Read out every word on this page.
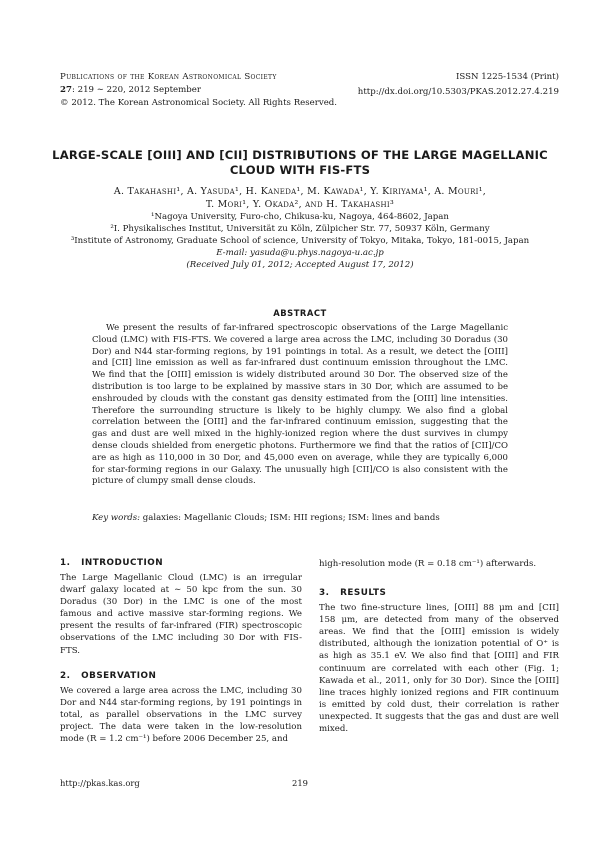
Publications of the Korean Astronomical Society
27: 219 ∼ 220, 2012 September
© 2012. The Korean Astronomical Society. All Rights Reserved.
ISSN 1225-1534 (Print)
http://dx.doi.org/10.5303/PKAS.2012.27.4.219
LARGE-SCALE [OIII] AND [CII] DISTRIBUTIONS OF THE LARGE MAGELLANIC
CLOUD WITH FIS-FTS
A. Takahashi¹, A. Yasuda¹, H. Kaneda¹, M. Kawada¹, Y. Kiriyama¹, A. Mouri¹,
T. Mori¹, Y. Okada², and H. Takahashi³
¹Nagoya University, Furo-cho, Chikusa-ku, Nagoya, 464-8602, Japan
²I. Physikalisches Institut, Universität zu Köln, Zülpicher Str. 77, 50937 Köln, Germany
³Institute of Astronomy, Graduate School of science, University of Tokyo, Mitaka, Tokyo, 181-0015, Japan
E-mail: yasuda@u.phys.nagoya-u.ac.jp
(Received July 01, 2012; Accepted August 17, 2012)
ABSTRACT
We present the results of far-infrared spectroscopic observations of the Large Magellanic Cloud (LMC) with FIS-FTS. We covered a large area across the LMC, including 30 Doradus (30 Dor) and N44 star-forming regions, by 191 pointings in total. As a result, we detect the [OIII] and [CII] line emission as well as far-infrared dust continuum emission throughout the LMC. We find that the [OIII] emission is widely distributed around 30 Dor. The observed size of the distribution is too large to be explained by massive stars in 30 Dor, which are assumed to be enshrouded by clouds with the constant gas density estimated from the [OIII] line intensities. Therefore the surrounding structure is likely to be highly clumpy. We also find a global correlation between the [OIII] and the far-infrared continuum emission, suggesting that the gas and dust are well mixed in the highly-ionized region where the dust survives in clumpy dense clouds shielded from energetic photons. Furthermore we find that the ratios of [CII]/CO are as high as 110,000 in 30 Dor, and 45,000 even on average, while they are typically 6,000 for star-forming regions in our Galaxy. The unusually high [CII]/CO is also consistent with the picture of clumpy small dense clouds.
Key words: galaxies: Magellanic Clouds; ISM: HII regions; ISM: lines and bands
1.   INTRODUCTION
The Large Magellanic Cloud (LMC) is an irregular dwarf galaxy located at ∼ 50 kpc from the sun. 30 Doradus (30 Dor) in the LMC is one of the most famous and active massive star-forming regions. We present the results of far-infrared (FIR) spectroscopic observations of the LMC including 30 Dor with FIS-FTS.
2.   OBSERVATION
We covered a large area across the LMC, including 30 Dor and N44 star-forming regions, by 191 pointings in total, as parallel observations in the LMC survey project. The data were taken in the low-resolution mode (R = 1.2 cm⁻¹) before 2006 December 25, and
high-resolution mode (R = 0.18 cm⁻¹) afterwards.
3.   RESULTS
The two fine-structure lines, [OIII] 88 μm and [CII] 158 μm, are detected from many of the observed areas. We find that the [OIII] emission is widely distributed, although the ionization potential of O⁺ is as high as 35.1 eV. We also find that [OIII] and FIR continuum are correlated with each other (Fig. 1; Kawada et al., 2011, only for 30 Dor). Since the [OIII] line traces highly ionized regions and FIR continuum is emitted by cold dust, their correlation is rather unexpected. It suggests that the gas and dust are well mixed.
http://pkas.kas.org	219
